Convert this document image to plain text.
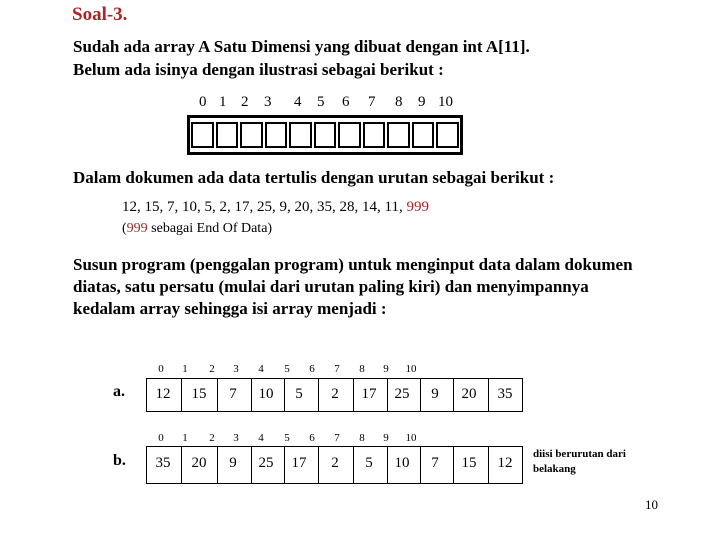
Soal-3.
Sudah ada array A Satu Dimensi yang dibuat dengan int A[11].
Belum ada isinya dengan ilustrasi sebagai berikut :
0 1 2 3 4 5 6 7 8 9 10
Dalam dokumen ada data tertulis dengan urutan sebagai berikut :
12, 15, 7, 10, 5, 2, 17, 25, 9, 20, 35, 28, 14, 11, 999
(999 sebagai End Of Data)
Susun program (penggalan program) untuk menginput data dalam dokumen
diatas, satu persatu (mulai dari urutan paling kiri) dan menyimpannya
kedalam array sehingga isi array menjadi :
a.
0	1	2	3	4	5	6	7	8	9	10
12	15	7	10	5	2	17	25	9	20	35
b.
0	1	2	3	4	5	6	7	8	9	10
35	20	9	25	17	2	5	10	7	15	12
diisi berurutan dari belakang
10
